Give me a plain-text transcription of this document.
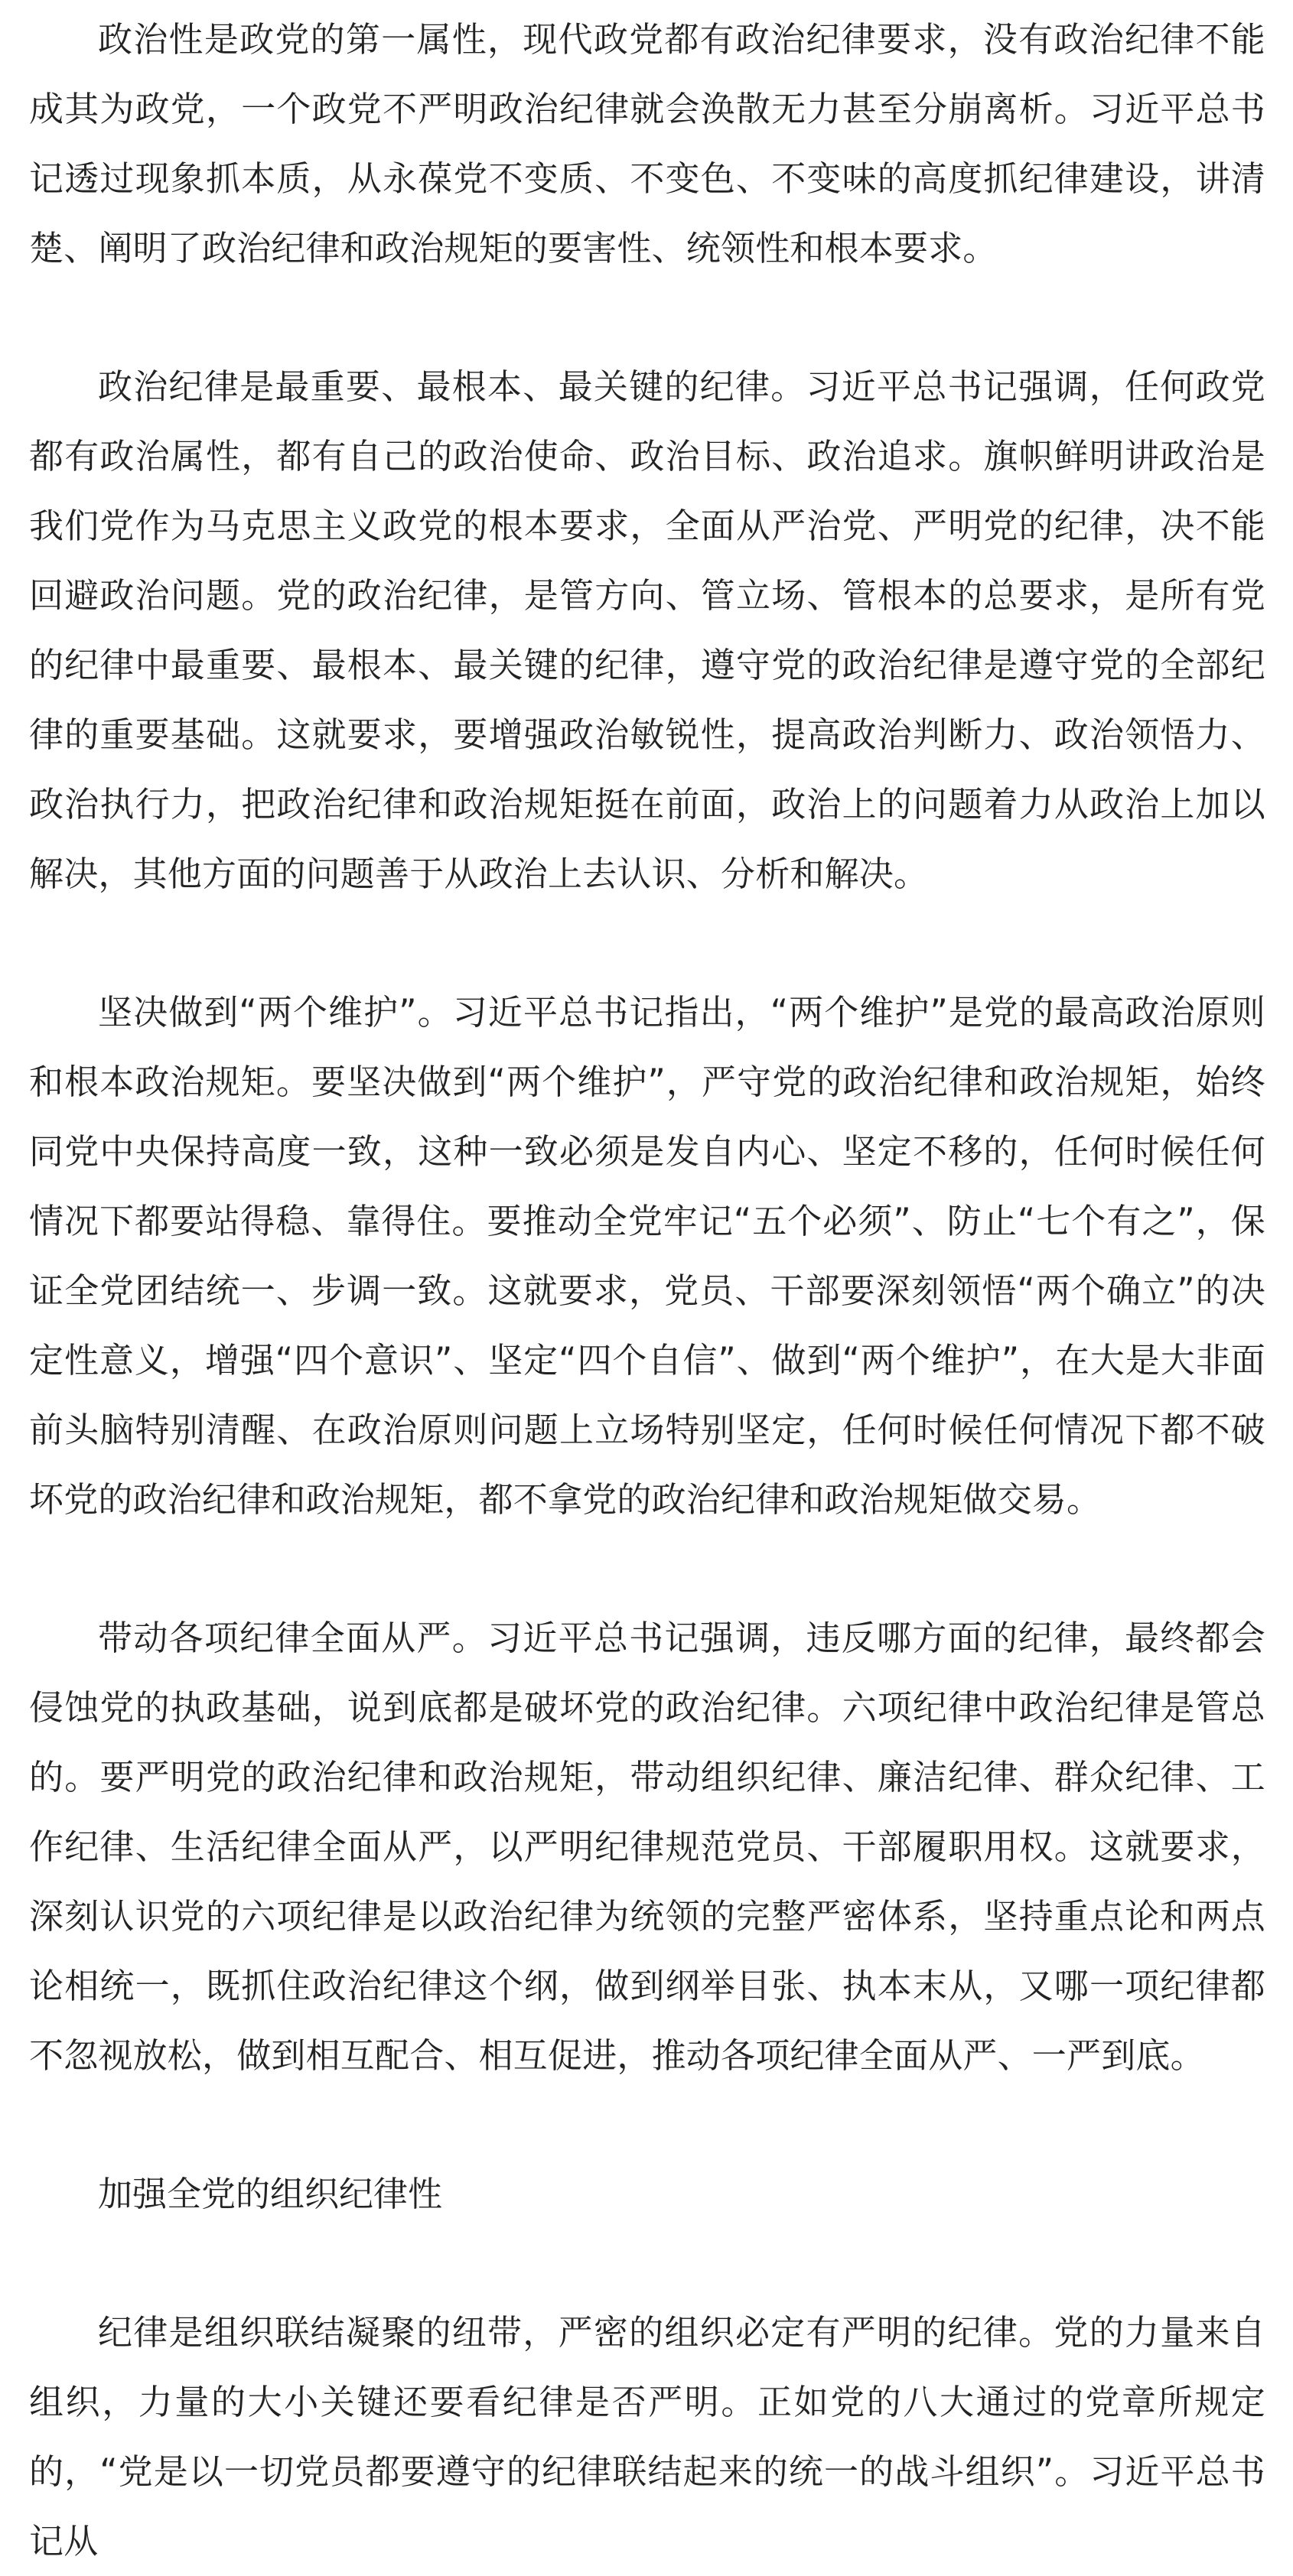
政治性是政党的第一属性，现代政党都有政治纪律要求，没有政治纪律不能成其为政党，一个政党不严明政治纪律就会涣散无力甚至分崩离析。习近平总书记透过现象抓本质，从永葆党不变质、不变色、不变味的高度抓纪律建设，讲清楚、阐明了政治纪律和政治规矩的要害性、统领性和根本要求。

政治纪律是最重要、最根本、最关键的纪律。习近平总书记强调，任何政党都有政治属性，都有自己的政治使命、政治目标、政治追求。旗帜鲜明讲政治是我们党作为马克思主义政党的根本要求，全面从严治党、严明党的纪律，决不能回避政治问题。党的政治纪律，是管方向、管立场、管根本的总要求，是所有党的纪律中最重要、最根本、最关键的纪律，遵守党的政治纪律是遵守党的全部纪律的重要基础。这就要求，要增强政治敏锐性，提高政治判断力、政治领悟力、政治执行力，把政治纪律和政治规矩挺在前面，政治上的问题着力从政治上加以解决，其他方面的问题善于从政治上去认识、分析和解决。

坚决做到“两个维护”。习近平总书记指出，“两个维护”是党的最高政治原则和根本政治规矩。要坚决做到“两个维护”，严守党的政治纪律和政治规矩，始终同党中央保持高度一致，这种一致必须是发自内心、坚定不移的，任何时候任何情况下都要站得稳、靠得住。要推动全党牢记“五个必须”、防止“七个有之”，保证全党团结统一、步调一致。这就要求，党员、干部要深刻领悟“两个确立”的决定性意义，增强“四个意识”、坚定“四个自信”、做到“两个维护”，在大是大非面前头脑特别清醒、在政治原则问题上立场特别坚定，任何时候任何情况下都不破坏党的政治纪律和政治规矩，都不拿党的政治纪律和政治规矩做交易。

带动各项纪律全面从严。习近平总书记强调，违反哪方面的纪律，最终都会侵蚀党的执政基础，说到底都是破坏党的政治纪律。六项纪律中政治纪律是管总的。要严明党的政治纪律和政治规矩，带动组织纪律、廉洁纪律、群众纪律、工作纪律、生活纪律全面从严，以严明纪律规范党员、干部履职用权。这就要求，深刻认识党的六项纪律是以政治纪律为统领的完整严密体系，坚持重点论和两点论相统一，既抓住政治纪律这个纲，做到纲举目张、执本末从，又哪一项纪律都不忽视放松，做到相互配合、相互促进，推动各项纪律全面从严、一严到底。

加强全党的组织纪律性

纪律是组织联结凝聚的纽带，严密的组织必定有严明的纪律。党的力量来自组织，力量的大小关键还要看纪律是否严明。正如党的八大通过的党章所规定的，“党是以一切党员都要遵守的纪律联结起来的统一的战斗组织”。习近平总书记从
